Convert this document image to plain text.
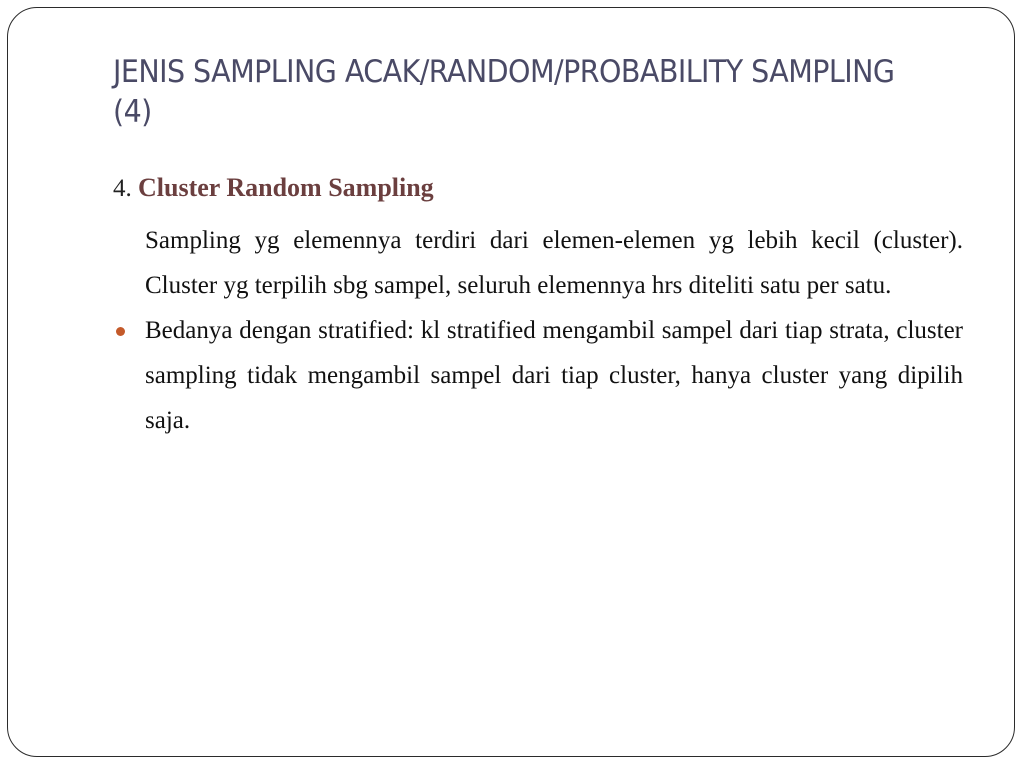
JENIS SAMPLING ACAK/RANDOM/PROBABILITY SAMPLING (4)
4. Cluster Random Sampling

Sampling yg elemennya terdiri dari elemen-elemen yg lebih kecil (cluster). Cluster yg terpilih sbg sampel, seluruh elemennya hrs diteliti satu per satu.

Bedanya dengan stratified: kl stratified mengambil sampel dari tiap strata, cluster sampling tidak mengambil sampel dari tiap cluster, hanya cluster yang dipilih saja.
